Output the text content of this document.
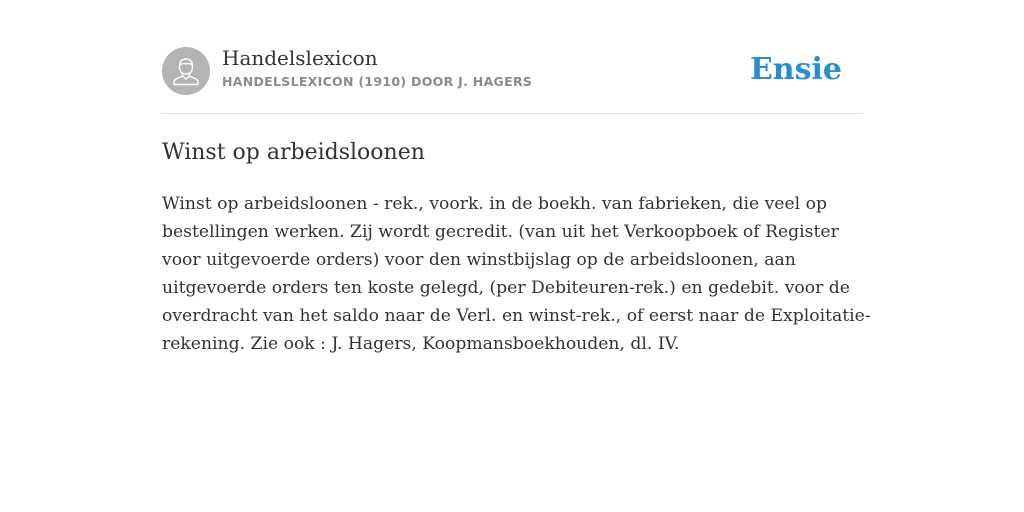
Handelslexicon
HANDELSLEXICON (1910) DOOR J. HAGERS	Ensie
Winst op arbeidsloonen

Winst op arbeidsloonen - rek., voork. in de boekh. van fabrieken, die veel op
bestellingen werken. Zij wordt gecredit. (van uit het Verkoopboek of Register
voor uitgevoerde orders) voor den winstbijslag op de arbeidsloonen, aan
uitgevoerde orders ten koste gelegd, (per Debiteuren-rek.) en gedebit. voor de
overdracht van het saldo naar de Verl. en winst-rek., of eerst naar de Exploitatie-
rekening. Zie ook : J. Hagers, Koopmansboekhouden, dl. IV.
